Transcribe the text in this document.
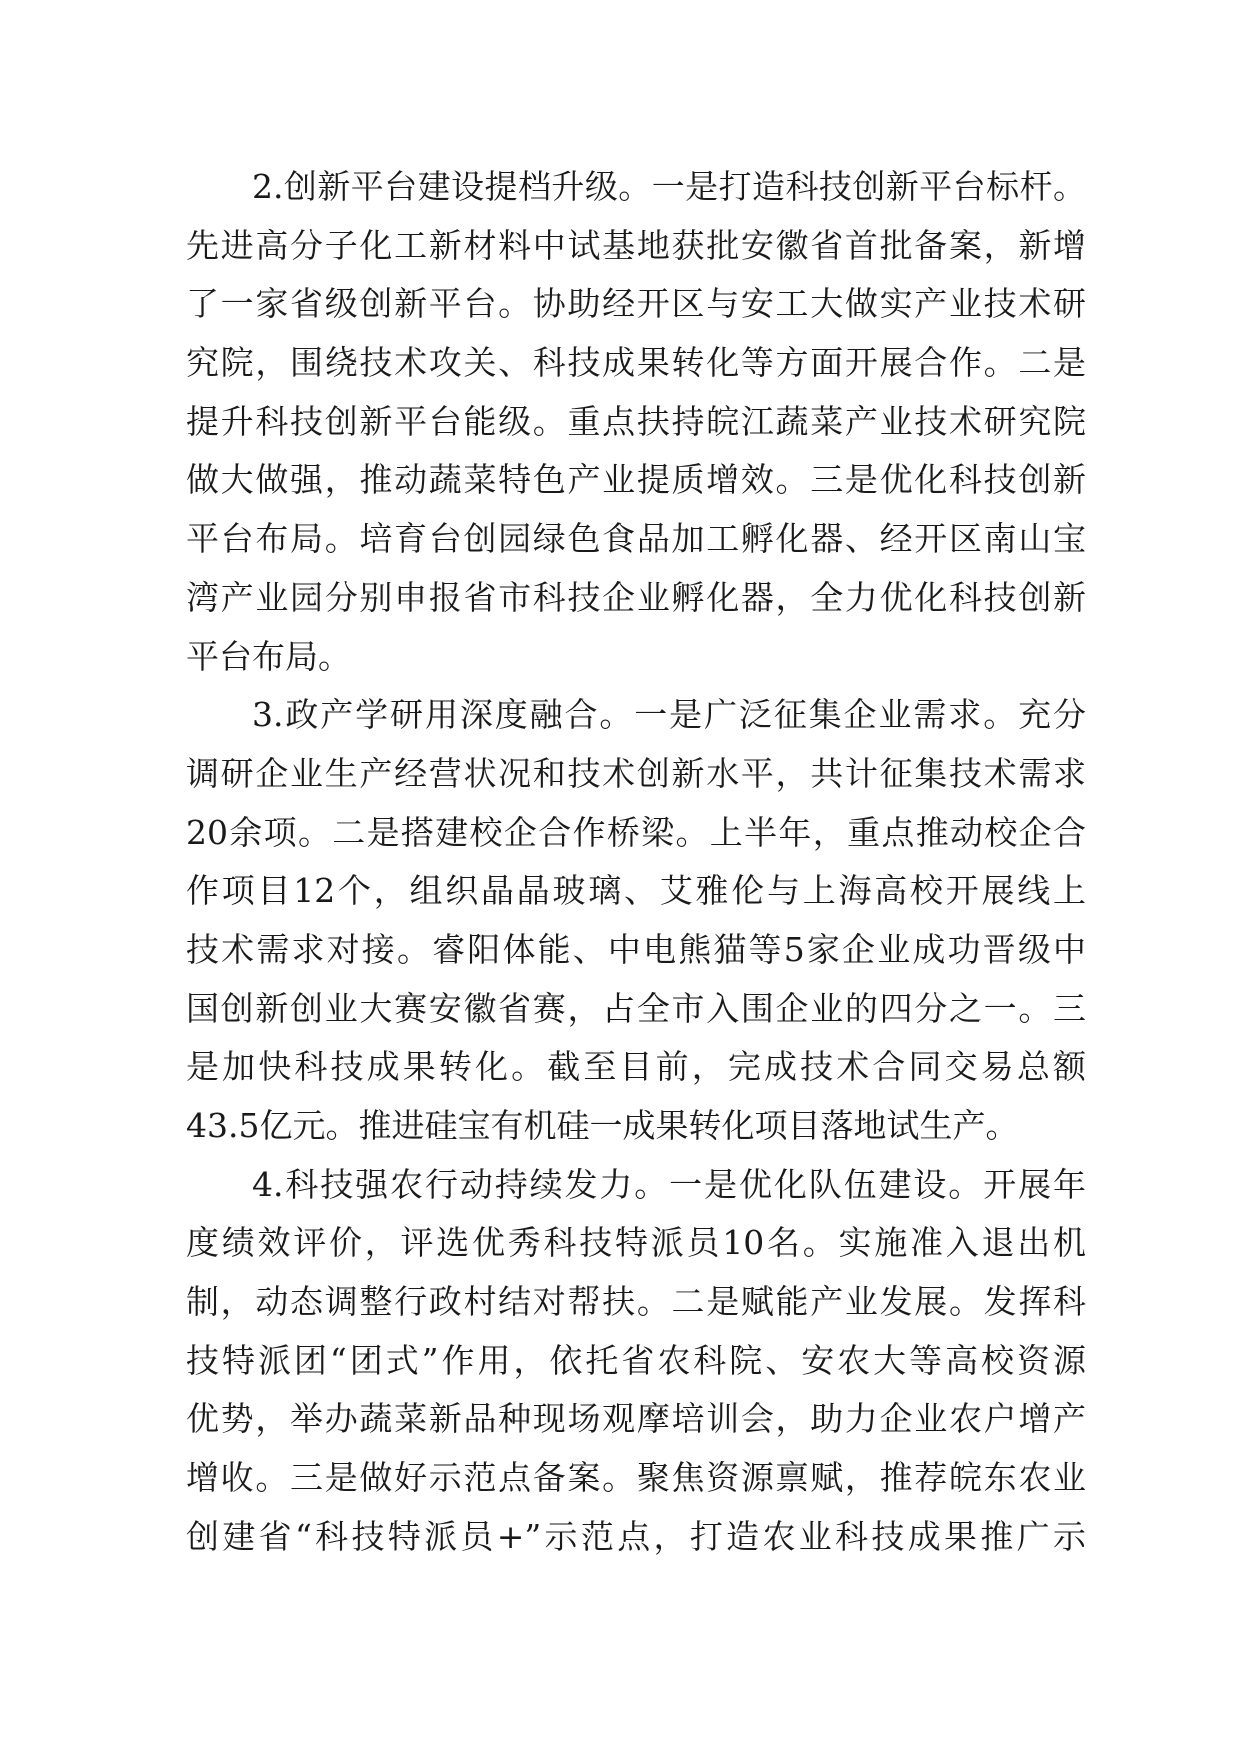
2.创新平台建设提档升级。一是打造科技创新平台标杆。
先进高分子化工新材料中试基地获批安徽省首批备案，新增
了一家省级创新平台。协助经开区与安工大做实产业技术研
究院，围绕技术攻关、科技成果转化等方面开展合作。二是
提升科技创新平台能级。重点扶持皖江蔬菜产业技术研究院
做大做强，推动蔬菜特色产业提质增效。三是优化科技创新
平台布局。培育台创园绿色食品加工孵化器、经开区南山宝
湾产业园分别申报省市科技企业孵化器，全力优化科技创新
平台布局。
3.政产学研用深度融合。一是广泛征集企业需求。充分
调研企业生产经营状况和技术创新水平，共计征集技术需求
20余项。二是搭建校企合作桥梁。上半年，重点推动校企合
作项目12个，组织晶晶玻璃、艾雅伦与上海高校开展线上
技术需求对接。睿阳体能、中电熊猫等5家企业成功晋级中
国创新创业大赛安徽省赛，占全市入围企业的四分之一。三
是加快科技成果转化。截至目前，完成技术合同交易总额
43.5亿元。推进硅宝有机硅一成果转化项目落地试生产。
4.科技强农行动持续发力。一是优化队伍建设。开展年
度绩效评价，评选优秀科技特派员10名。实施准入退出机
制，动态调整行政村结对帮扶。二是赋能产业发展。发挥科
技特派团“团式”作用，依托省农科院、安农大等高校资源
优势，举办蔬菜新品种现场观摩培训会，助力企业农户增产
增收。三是做好示范点备案。聚焦资源禀赋，推荐皖东农业
创建省“科技特派员+”示范点，打造农业科技成果推广示
